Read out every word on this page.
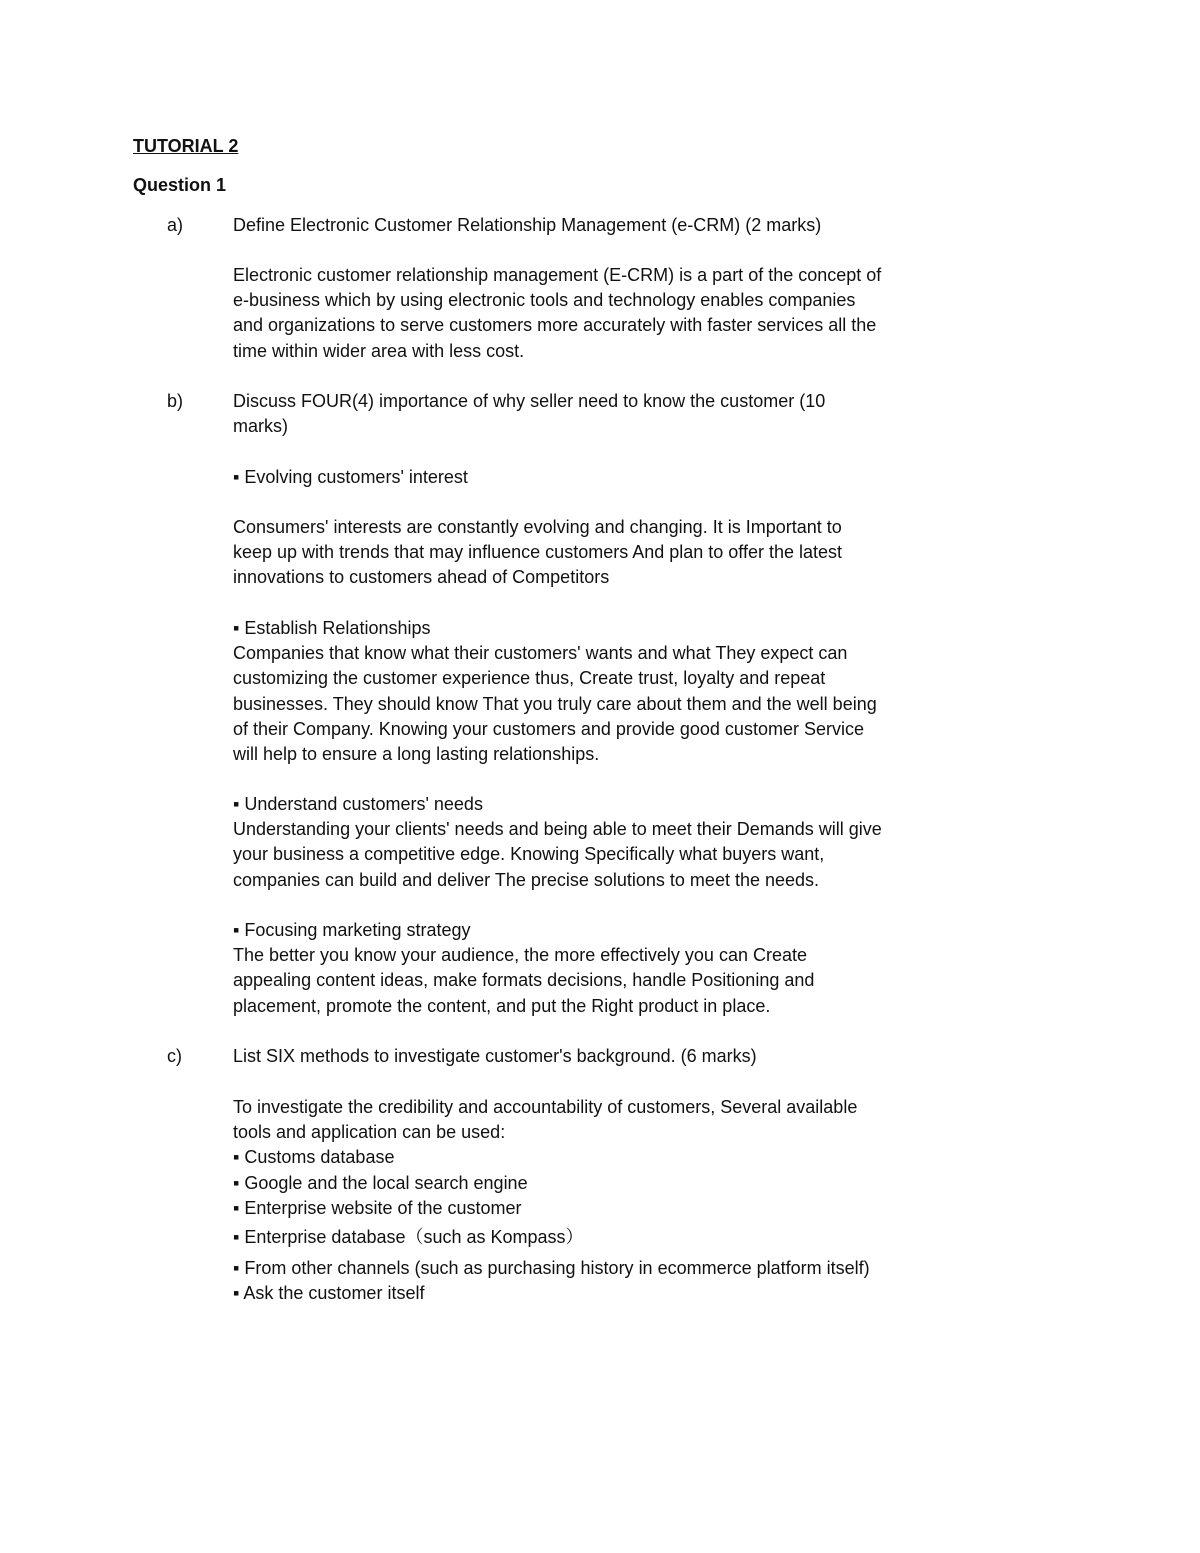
TUTORIAL 2
Question 1
a)	Define Electronic Customer Relationship Management (e-CRM) (2 marks)
Electronic customer relationship management (E-CRM) is a part of the concept of
e-business which by using electronic tools and technology enables companies
and organizations to serve customers more accurately with faster services all the
time within wider area with less cost.
b)	Discuss FOUR(4) importance of why seller need to know the customer (10
marks)
▪ Evolving customers' interest
Consumers' interests are constantly evolving and changing. It is Important to
keep up with trends that may influence customers And plan to offer the latest
innovations to customers ahead of Competitors
▪ Establish Relationships
Companies that know what their customers' wants and what They expect can
customizing the customer experience thus, Create trust, loyalty and repeat
businesses. They should know That you truly care about them and the well being
of their Company. Knowing your customers and provide good customer Service
will help to ensure a long lasting relationships.
▪ Understand customers' needs
Understanding your clients' needs and being able to meet their Demands will give
your business a competitive edge. Knowing Specifically what buyers want,
companies can build and deliver The precise solutions to meet the needs.
▪ Focusing marketing strategy
The better you know your audience, the more effectively you can Create
appealing content ideas, make formats decisions, handle Positioning and
placement, promote the content, and put the Right product in place.
c)	List SIX methods to investigate customer's background. (6 marks)
To investigate the credibility and accountability of customers, Several available
tools and application can be used:
▪ Customs database
▪ Google and the local search engine
▪ Enterprise website of the customer
▪ Enterprise database（such as Kompass）
▪ From other channels (such as purchasing history in ecommerce platform itself)
▪ Ask the customer itself
